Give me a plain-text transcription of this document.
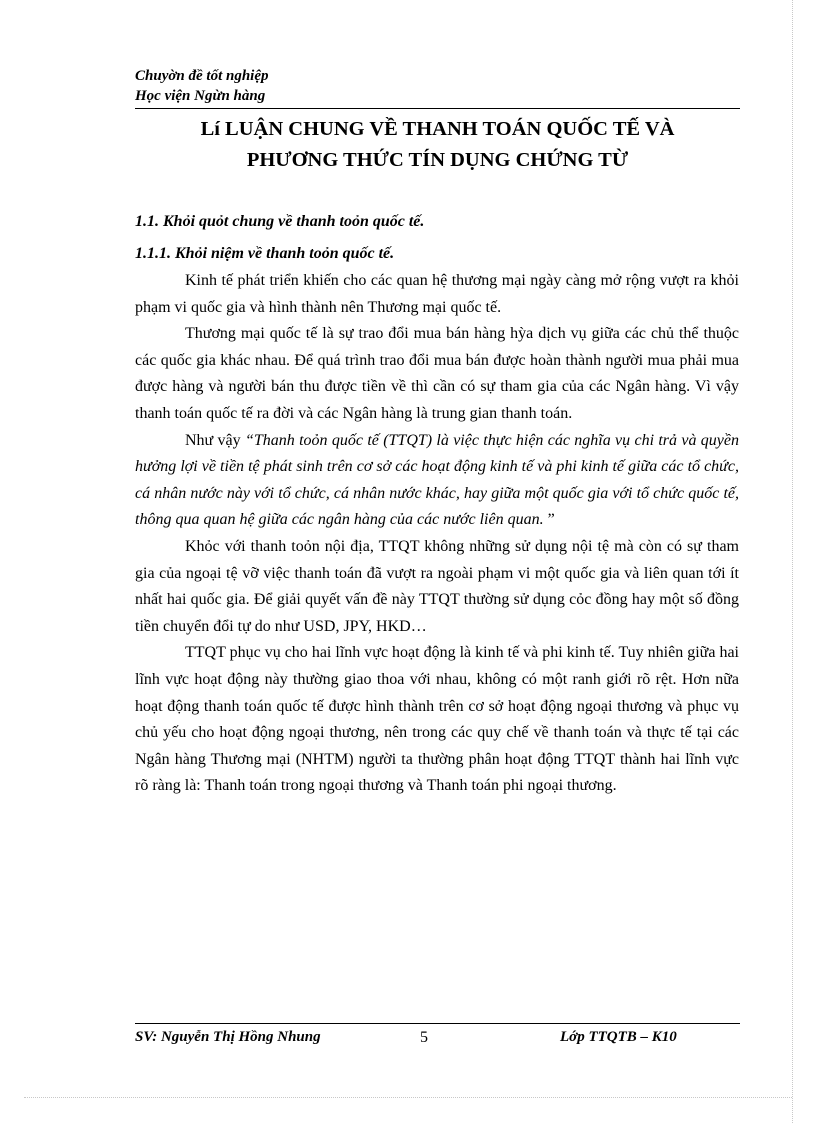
Chuyờn đề tốt nghiệp
Học viện Ngừn hàng
Lí LUẬN CHUNG VỀ THANH TOÁN QUỐC TẾ VÀ
PHƯƠNG THỨC TÍN DỤNG CHỨNG TỪ
1.1. Khỏi quỏt chung về thanh toỏn quốc tế.
1.1.1. Khỏi niệm về thanh toỏn quốc tế.

Kinh tế phát triển khiến cho các quan hệ thương mại ngày càng mở rộng vượt ra khỏi phạm vi quốc gia và hình thành nên Thương mại quốc tế.

Thương mại quốc tế là sự trao đổi mua bán hàng hỳa dịch vụ giữa các chủ thể thuộc các quốc gia khác nhau. Để quá trình trao đổi mua bán được hoàn thành người mua phải mua được hàng và người bán thu được tiền về thì cần có sự tham gia của các Ngân hàng. Vì vậy thanh toán quốc tế ra đời và các Ngân hàng là trung gian thanh toán.

Như vậy “Thanh toỏn quốc tế (TTQT) là việc thực hiện các nghĩa vụ chi trả và quyền hưởng lợi về tiền tệ phát sinh trên cơ sở các hoạt động kinh tế và phi kinh tế giữa các tổ chức, cá nhân nước này với tổ chức, cá nhân nước khác, hay giữa một quốc gia với tổ chức quốc tế, thông qua quan hệ giữa các ngân hàng của các nước liên quan. ”

Khỏc với thanh toỏn nội địa, TTQT không những sử dụng nội tệ mà còn có sự tham gia của ngoại tệ vỡ việc thanh toán đã vượt ra ngoài phạm vi một quốc gia và liên quan tới ít nhất hai quốc gia. Để giải quyết vấn đề này TTQT thường sử dụng cỏc đồng hay một số đồng tiền chuyển đổi tự do như USD, JPY, HKD…

TTQT phục vụ cho hai lĩnh vực hoạt động là kinh tế và phi kinh tế. Tuy nhiên giữa hai lĩnh vực hoạt động này thường giao thoa với nhau, không có một ranh giới rõ rệt. Hơn nữa hoạt động thanh toán quốc tế được hình thành trên cơ sở hoạt động ngoại thương và phục vụ chủ yếu cho hoạt động ngoại thương, nên trong các quy chế về thanh toán và thực tế tại các Ngân hàng Thương mại (NHTM) người ta thường phân hoạt động TTQT thành hai lĩnh vực rõ ràng là: Thanh toán trong ngoại thương và Thanh toán phi ngoại thương.

SV: Nguyễn Thị Hồng Nhung	5	Lớp TTQTB – K10
